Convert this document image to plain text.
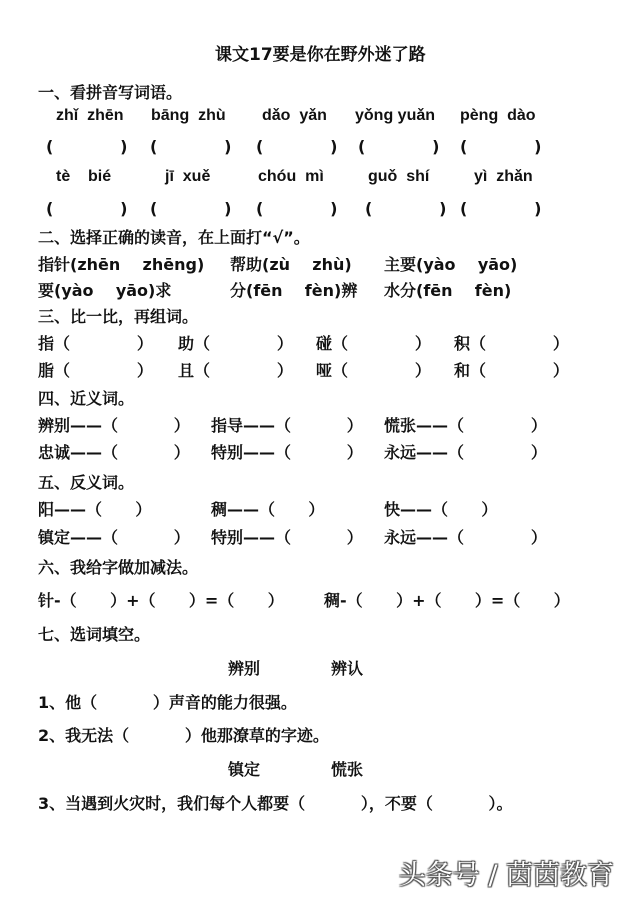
课文17要是你在野外迷了路
一、看拼音写词语。
zhǐ  zhēn bāng  zhù dǎo  yǎn yǒng yuǎn pèng  dào
(            ) (            ) (            ) (            ) (            )
tè    bié	jī  xuě	chóu  mì	guǒ  shí	yì  zhǎn
(            ) (            ) (            ) (            ) (            )
二、选择正确的读音，在上面打“√”。
指针(zhēn    zhēng) 帮助(zù    zhù) 主要(yào    yāo)
要(yào    yāo)求	分(fēn    fèn)辨 水分(fēn    fèn)
三、比一比，再组词。
指（            ） 助（            ） 碰（            ） 积（            ）
脂（            ） 且（            ） 哑（            ） 和（            ）
四、近义词。
辨别——（          ） 指导——（          ） 慌张——（            ）
忠诚——（          ） 特别——（          ） 永远——（            ）
五、反义词。
阳——（      ）	稠——（      ）	快——（      ）
镇定——（          ） 特别——（          ） 永远——（            ）
六、我给字做加减法。
针-（      ）+（      ）=（      ）	稠-（      ）+（      ）=（      ）
七、选词填空。
辨别	辨认
1、他（          ）声音的能力很强。
2、我无法（          ）他那潦草的字迹。
镇定	慌张
3、当遇到火灾时，我们每个人都要（          ），不要（          ）。
头条号 / 茵茵教育
